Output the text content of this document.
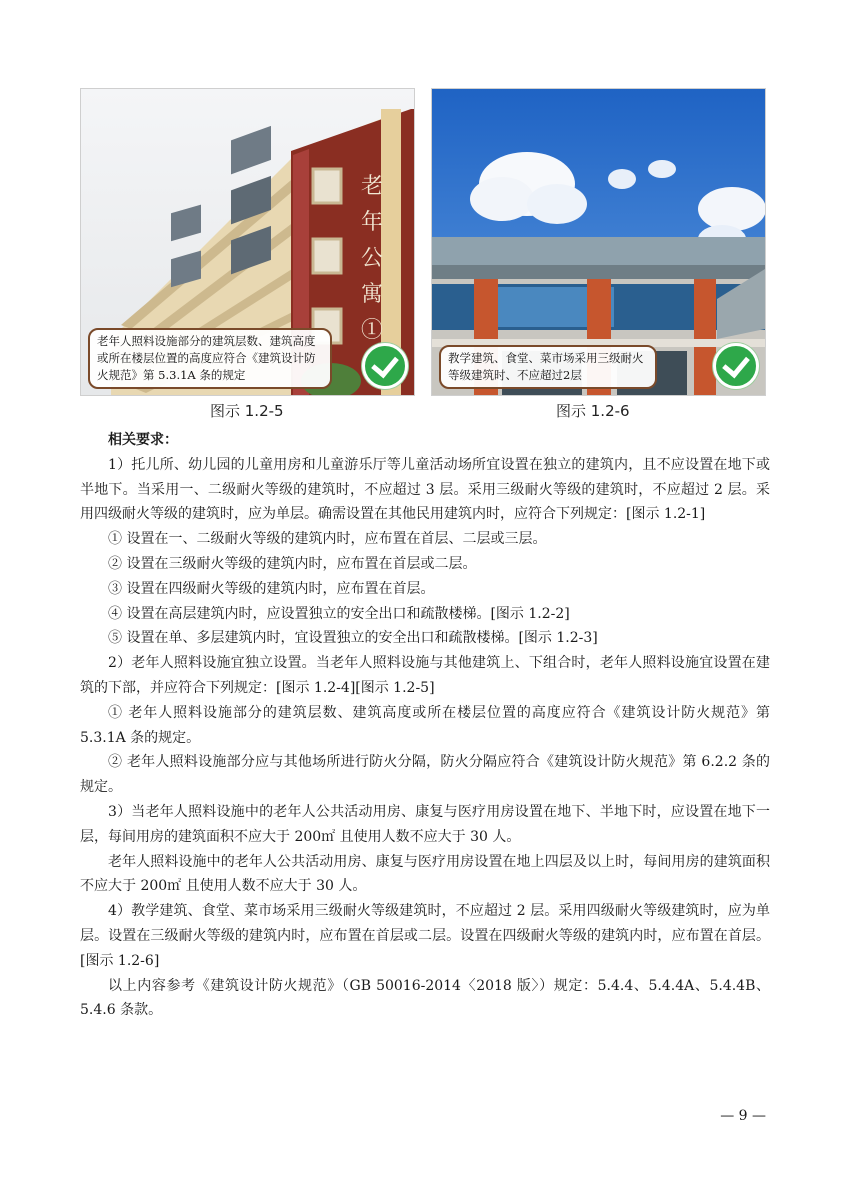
老年公寓①
老年人照料设施部分的建筑层数、建筑高度或所在楼层位置的高度应符合《建筑设计防火规范》第 5.3.1A 条的规定
教学建筑、食堂、菜市场采用三级耐火等级建筑时、不应超过2层
图示 1.2-5	图示 1.2-6

相关要求：

1）托儿所、幼儿园的儿童用房和儿童游乐厅等儿童活动场所宜设置在独立的建筑内，且不应设置在地下或半地下。当采用一、二级耐火等级的建筑时，不应超过 3 层。采用三级耐火等级的建筑时，不应超过 2 层。采用四级耐火等级的建筑时，应为单层。确需设置在其他民用建筑内时，应符合下列规定：[图示 1.2-1]

① 设置在一、二级耐火等级的建筑内时，应布置在首层、二层或三层。

② 设置在三级耐火等级的建筑内时，应布置在首层或二层。

③ 设置在四级耐火等级的建筑内时，应布置在首层。

④ 设置在高层建筑内时，应设置独立的安全出口和疏散楼梯。[图示 1.2-2]

⑤ 设置在单、多层建筑内时，宜设置独立的安全出口和疏散楼梯。[图示 1.2-3]

2）老年人照料设施宜独立设置。当老年人照料设施与其他建筑上、下组合时，老年人照料设施宜设置在建筑的下部，并应符合下列规定：[图示 1.2-4][图示 1.2-5]

① 老年人照料设施部分的建筑层数、建筑高度或所在楼层位置的高度应符合《建筑设计防火规范》第 5.3.1A 条的规定。

② 老年人照料设施部分应与其他场所进行防火分隔，防火分隔应符合《建筑设计防火规范》第 6.2.2 条的规定。

3）当老年人照料设施中的老年人公共活动用房、康复与医疗用房设置在地下、半地下时，应设置在地下一层，每间用房的建筑面积不应大于 200㎡ 且使用人数不应大于 30 人。

老年人照料设施中的老年人公共活动用房、康复与医疗用房设置在地上四层及以上时，每间用房的建筑面积不应大于 200㎡ 且使用人数不应大于 30 人。

4）教学建筑、食堂、菜市场采用三级耐火等级建筑时，不应超过 2 层。采用四级耐火等级建筑时，应为单层。设置在三级耐火等级的建筑内时，应布置在首层或二层。设置在四级耐火等级的建筑内时，应布置在首层。[图示 1.2-6]

以上内容参考《建筑设计防火规范》（GB 50016-2014〈2018 版〉）规定：5.4.4、5.4.4A、5.4.4B、5.4.6 条款。

— 9 —
